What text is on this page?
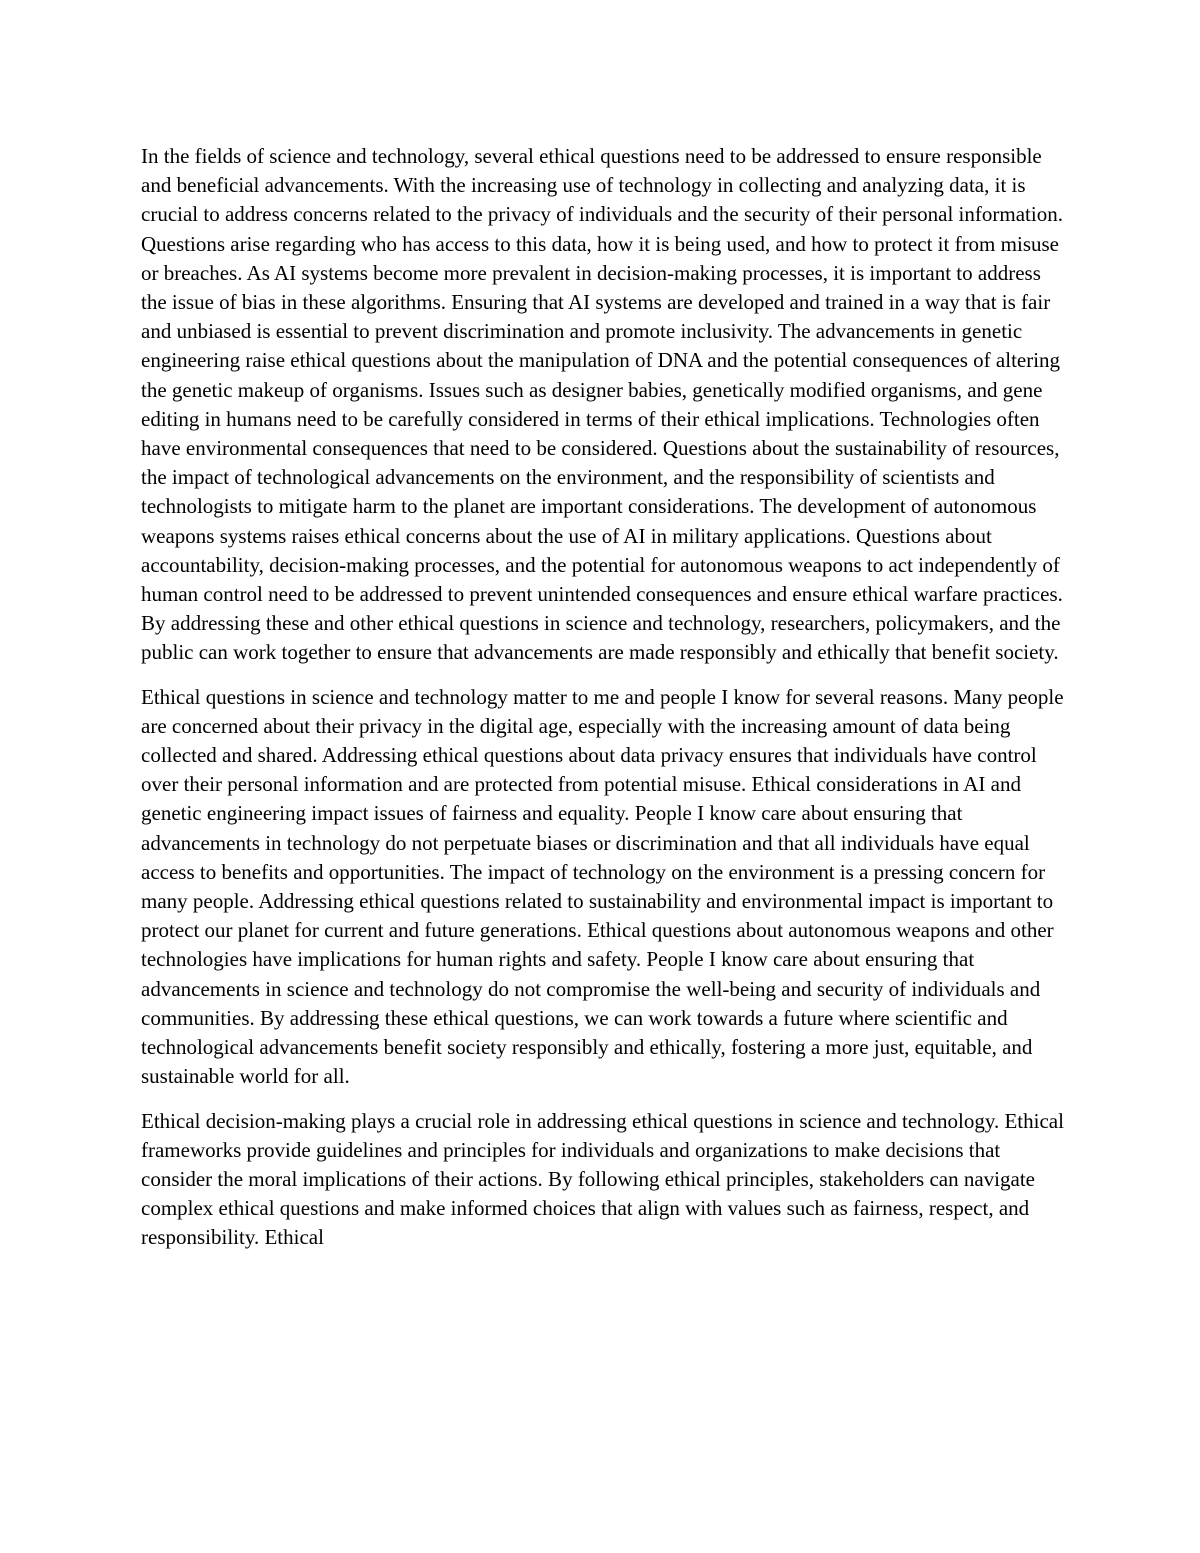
In the fields of science and technology, several ethical questions need to be addressed to ensure responsible and beneficial advancements. With the increasing use of technology in collecting and analyzing data, it is crucial to address concerns related to the privacy of individuals and the security of their personal information. Questions arise regarding who has access to this data, how it is being used, and how to protect it from misuse or breaches. As AI systems become more prevalent in decision-making processes, it is important to address the issue of bias in these algorithms. Ensuring that AI systems are developed and trained in a way that is fair and unbiased is essential to prevent discrimination and promote inclusivity. The advancements in genetic engineering raise ethical questions about the manipulation of DNA and the potential consequences of altering the genetic makeup of organisms. Issues such as designer babies, genetically modified organisms, and gene editing in humans need to be carefully considered in terms of their ethical implications. Technologies often have environmental consequences that need to be considered. Questions about the sustainability of resources, the impact of technological advancements on the environment, and the responsibility of scientists and technologists to mitigate harm to the planet are important considerations. The development of autonomous weapons systems raises ethical concerns about the use of AI in military applications. Questions about accountability, decision-making processes, and the potential for autonomous weapons to act independently of human control need to be addressed to prevent unintended consequences and ensure ethical warfare practices. By addressing these and other ethical questions in science and technology, researchers, policymakers, and the public can work together to ensure that advancements are made responsibly and ethically that benefit society.

Ethical questions in science and technology matter to me and people I know for several reasons. Many people are concerned about their privacy in the digital age, especially with the increasing amount of data being collected and shared. Addressing ethical questions about data privacy ensures that individuals have control over their personal information and are protected from potential misuse. Ethical considerations in AI and genetic engineering impact issues of fairness and equality. People I know care about ensuring that advancements in technology do not perpetuate biases or discrimination and that all individuals have equal access to benefits and opportunities. The impact of technology on the environment is a pressing concern for many people. Addressing ethical questions related to sustainability and environmental impact is important to protect our planet for current and future generations. Ethical questions about autonomous weapons and other technologies have implications for human rights and safety. People I know care about ensuring that advancements in science and technology do not compromise the well-being and security of individuals and communities. By addressing these ethical questions, we can work towards a future where scientific and technological advancements benefit society responsibly and ethically, fostering a more just, equitable, and sustainable world for all.

Ethical decision-making plays a crucial role in addressing ethical questions in science and technology. Ethical frameworks provide guidelines and principles for individuals and organizations to make decisions that consider the moral implications of their actions. By following ethical principles, stakeholders can navigate complex ethical questions and make informed choices that align with values such as fairness, respect, and responsibility. Ethical
